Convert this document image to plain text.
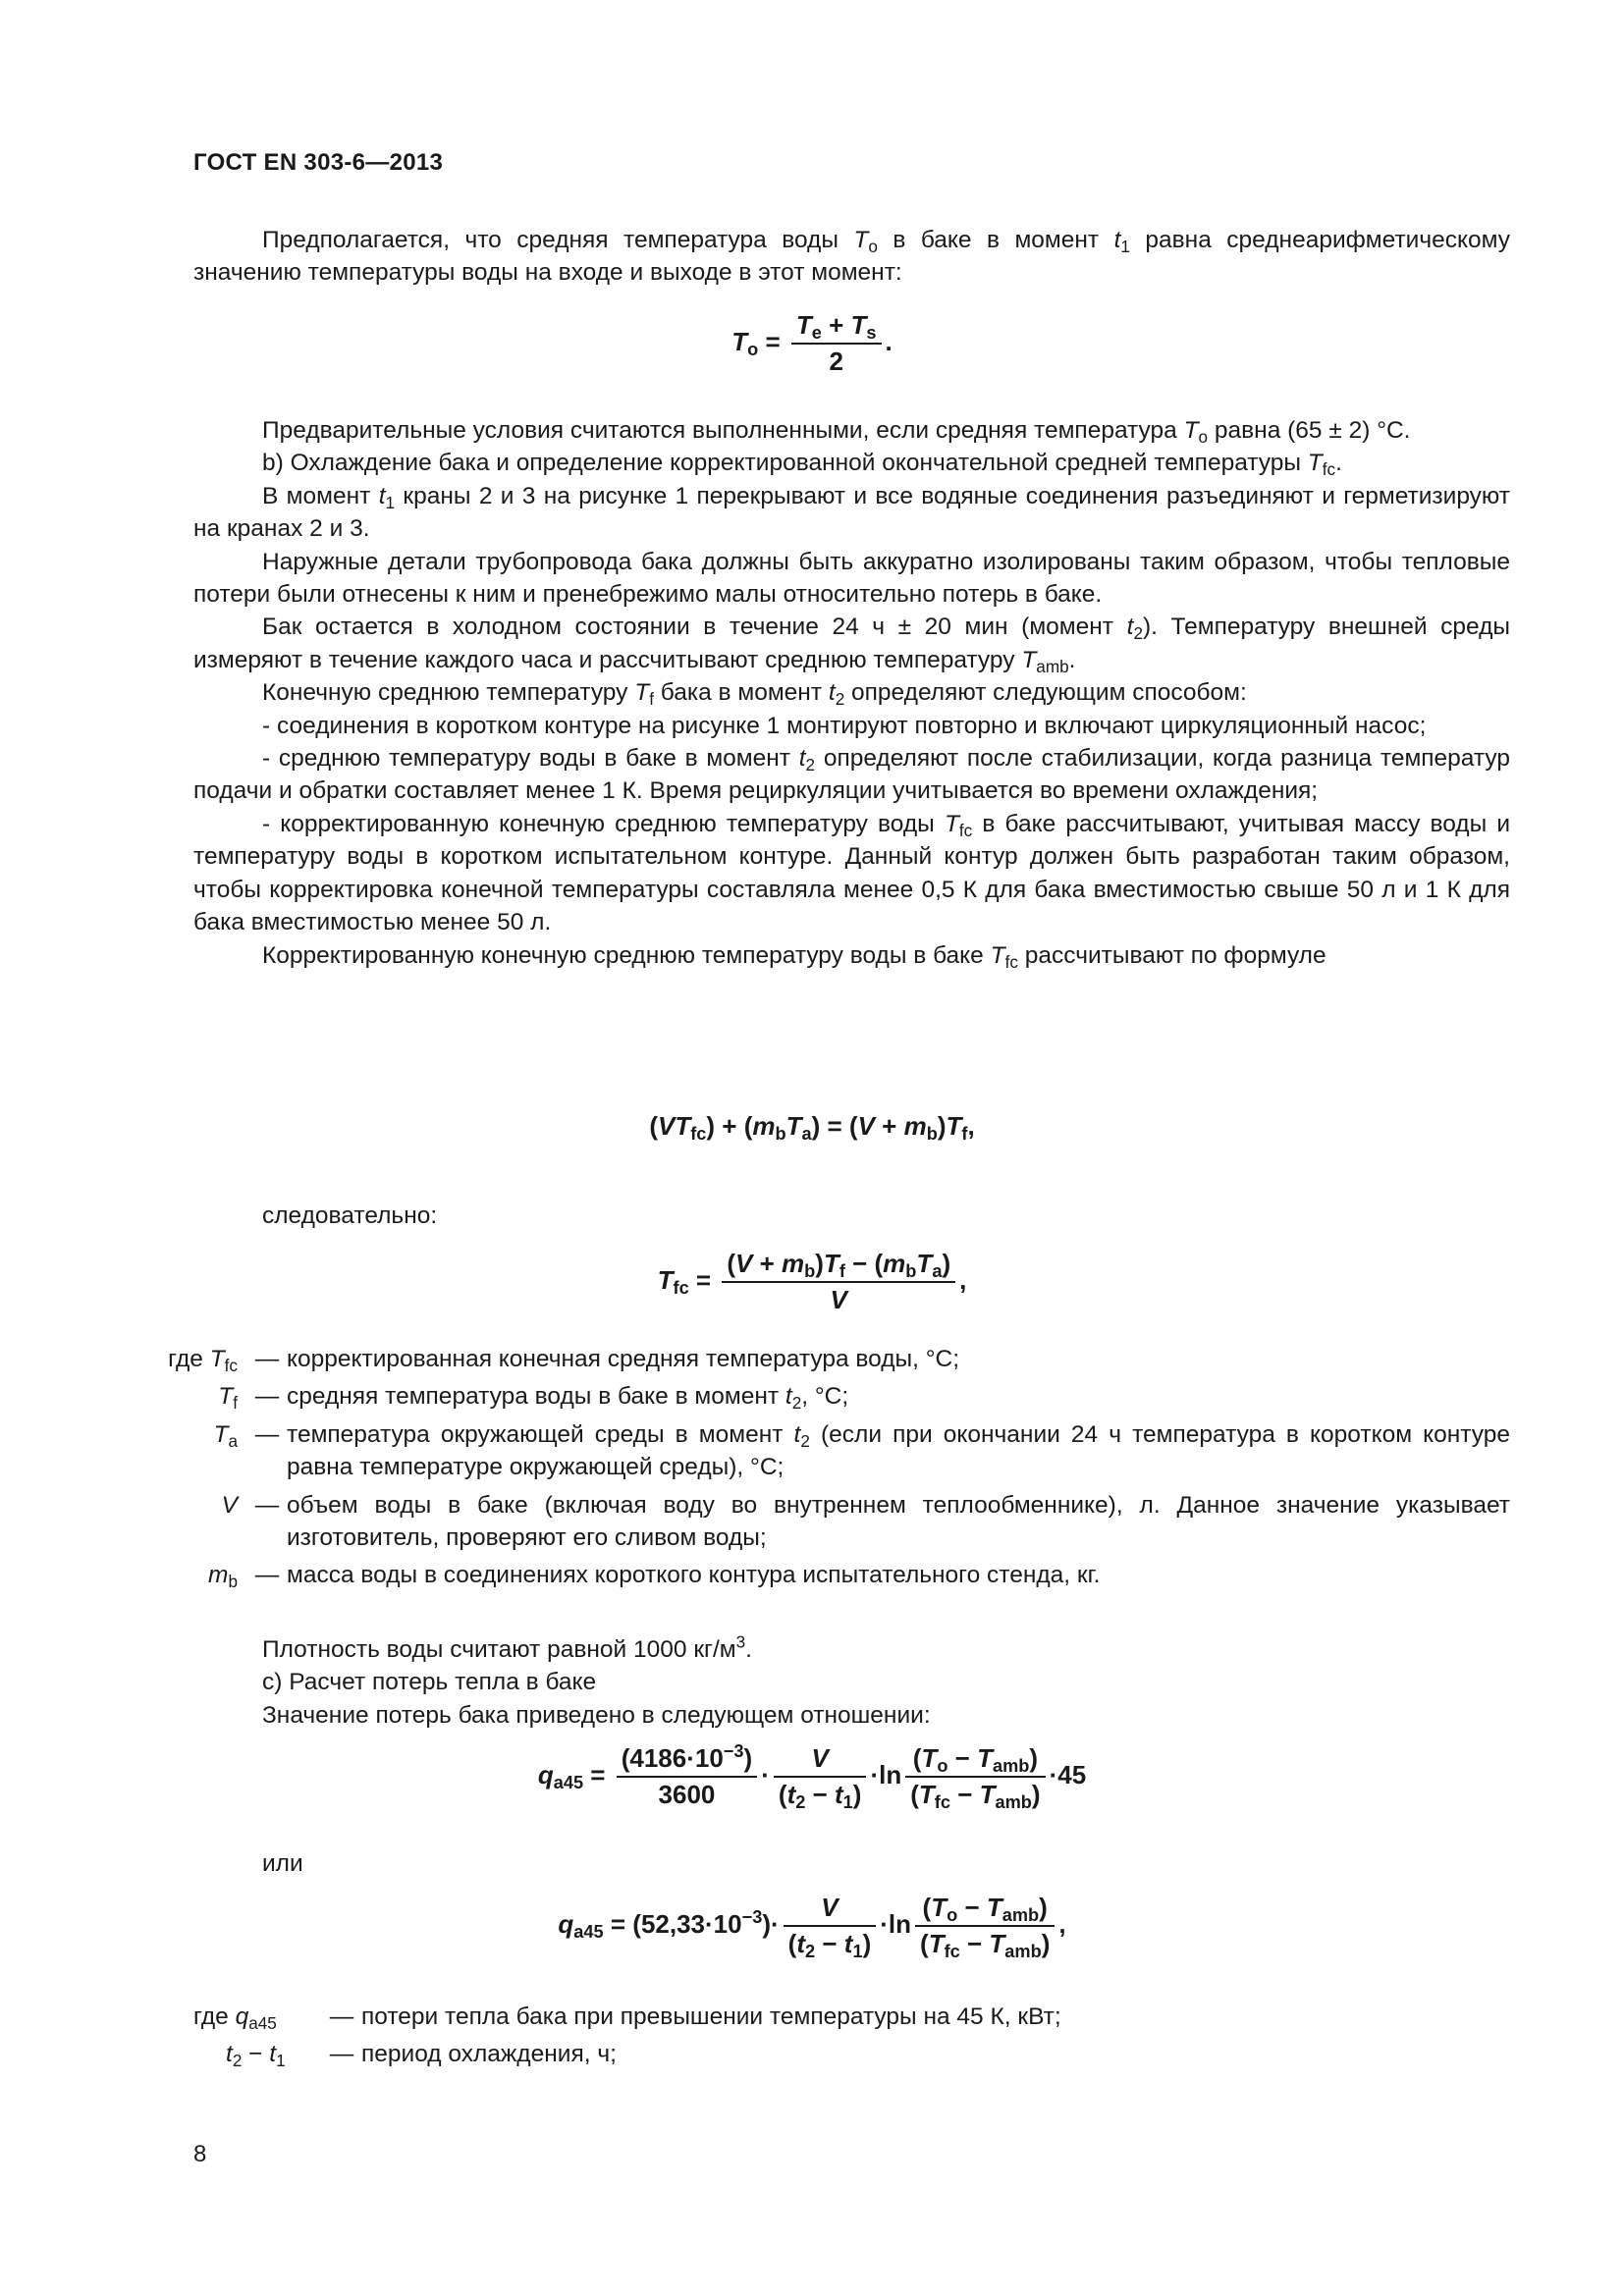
ГОСТ EN 303-6—2013

Предполагается, что средняя температура воды $T_o$ в баке в момент $t_1$ равна среднеарифметическому значению температуры воды на входе и выходе в этот момент:

$T_o = \frac{T_e + T_s}{2}$ .

Предварительные условия считаются выполненными, если средняя температура $T_o$ равна (65 ± 2) °С.

b) Охлаждение бака и определение корректированной окончательной средней температуры $T_{fc}$.

В момент $t_1$ краны 2 и 3 на рисунке 1 перекрывают и все водяные соединения разъединяют и герметизируют на кранах 2 и 3.

Наружные детали трубопровода бака должны быть аккуратно изолированы таким образом, чтобы тепловые потери были отнесены к ним и пренебрежимо малы относительно потерь в баке.

Бак остается в холодном состоянии в течение 24 ч ± 20 мин (момент $t_2$). Температуру внешней среды измеряют в течение каждого часа и рассчитывают среднюю температуру $T_{amb}$.

Конечную среднюю температуру $T_f$ бака в момент $t_2$ определяют следующим способом:

- соединения в коротком контуре на рисунке 1 монтируют повторно и включают циркуляционный насос;

- среднюю температуру воды в баке в момент $t_2$ определяют после стабилизации, когда разница температур подачи и обратки составляет менее 1 К. Время рециркуляции учитывается во времени охлаждения;

- корректированную конечную среднюю температуру воды $T_{fc}$ в баке рассчитывают, учитывая массу воды и температуру воды в коротком испытательном контуре. Данный контур должен быть разработан таким образом, чтобы корректировка конечной температуры составляла менее 0,5 К для бака вместимостью свыше 50 л и 1 К для бака вместимостью менее 50 л.

Корректированную конечную среднюю температуру воды в баке $T_{fc}$ рассчитывают по формуле

$(VT_{fc}) + (m_bT_a) = (V + m_b)T_f$,

следовательно:

$T_{fc} = \frac{(V + m_b)T_f - (m_bT_a)}{V}$ ,
где $T_{fc}$	—	корректированная конечная средняя температура воды, °С;
$T_f$	—	средняя температура воды в баке в момент $t_2$, °С;
$T_a$	—	температура окружающей среды в момент $t_2$ (если при окончании 24 ч температура в коротком контуре равна температуре окружающей среды), °С;
V	—	объем воды в баке (включая воду во внутреннем теплообменнике), л. Данное значение указывает изготовитель, проверяют его сливом воды;
$m_b$	—	масса воды в соединениях короткого контура испытательного стенда, кг.

Плотность воды считают равной 1000 $кг/м^3$.

с) Расчет потерь тепла в баке

Значение потерь бака приведено в следующем отношении:

$q_{a45} = \frac{(4186\cdot 10^{-3})}{3600} \cdot \frac{V}{(t_2 - t_1)} \cdot\ln \frac{(T_o - T_{amb})}{(T_{fc} - T_{amb})} \cdot 45$

или

$q_{a45} = (52,33\cdot 10^{-3})\cdot \frac{V}{(t_2 - t_1)} \cdot\ln \frac{(T_o - T_{amb})}{(T_{fc} - T_{amb})}$ ,
где $q_{a45}$	—	потери тепла бака при превышении температуры на 45 К, кВт;
$t_2 - t_1$	—	период охлаждения, ч;
8
